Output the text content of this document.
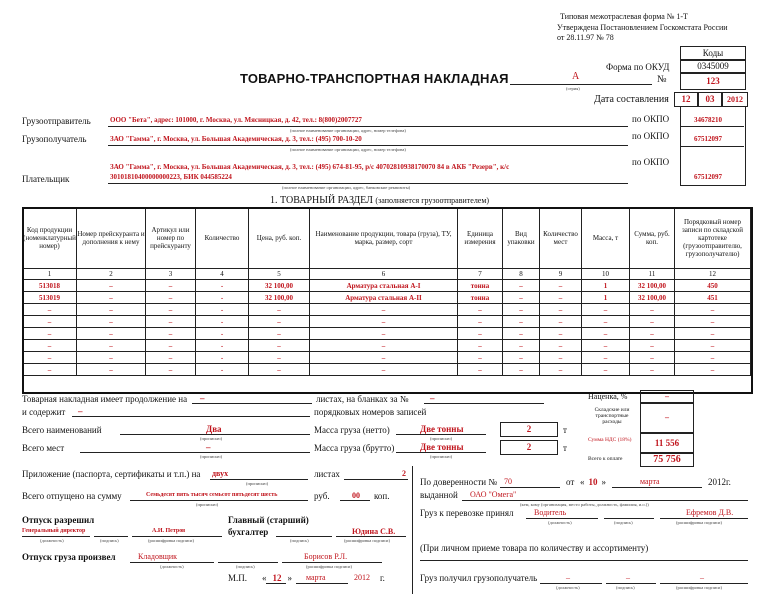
Типовая межотраслевая форма № 1-Т
Утверждена Постановлением Госкомстата России
от 28.11.97 № 78
Коды
Форма по ОКУД	0345009
ТОВАРНО-ТРАНСПОРТНАЯ НАКЛАДНАЯ	А
(серия)
№	123
Дата составления	12	03	2012
Грузоотправитель	ООО "Бета", адрес: 101000, г. Москва, ул. Мясницкая, д. 42, тел.: 8(800)2007727
(полное наименование организации, адрес, номер телефона)
по ОКПО	34678210
Грузополучатель	ЗАО "Гамма", г. Москва, ул. Большая Академическая, д. 3, тел.: (495) 700-10-20
(полное наименование организации, адрес, номер телефона)
по ОКПО	67512097
ЗАО "Гамма", г. Москва, ул. Большая Академическая, д. 3, тел.: (495) 674-81-95, р/с 40702810938170070 84 в АКБ "Резерв", к/с
30101810400000000223, БИК 044585224
Плательщик
(полное наименование организации, адрес, банковские реквизиты)
по ОКПО
67512097
1. ТОВАРНЫЙ РАЗДЕЛ (заполняется грузоотправителем)
Код продукции (номенклатурный номер)	Номер прейскуранта и дополнения к нему	Артикул или номер по прейскуранту	Количество	Цена, руб. коп.	Наименование продукции, товара (груза), ТУ, марка, размер, сорт	Единица измерения	Вид упаковки	Количество мест	Масса, т	Сумма, руб. коп.	Порядковый номер записи по складской картотеке (грузоотправителю, грузополучателю)
1	2	3	4	5	6	7	8	9	10	11	12
513018	–	–	-	32 100,00	Арматура стальная А-I	тонна	–	–	1	32 100,00	450
513019	–	–	-	32 100,00	Арматура стальная А-II	тонна	–	–	1	32 100,00	451
–	–	–	-	–	–	–	–	–	–	–	–
–	–	–	-	–	–	–	–	–	–	–	–
–	–	–	-	–	–	–	–	–	–	–	–
–	–	–	-	–	–	–	–	–	–	–	–
–	–	–	-	–	–	–	–	–	–	–	–
–	–	–	-	–	–	–	–	–	–	–	–
Товарная накладная имеет продолжение на –	листах, на бланках за № –
и содержит –	порядковых номеров записей
Всего наименований	Два
(прописью)
Масса груза (нетто)	Две тонны
(прописью)
2	т
Всего мест	–
(прописью)
Масса груза (брутто)	Две тонны
(прописью)
2	т
Наценка, %	–
Складские или транспортные расходы	–
Сумма НДС (18%)	11 556
Всего к оплате	75 756
Приложение (паспорта, сертификаты и т.п.) на двух
(прописью)
листах	2
Всего отпущено на сумму	Семьдесят пять тысяч семьсот пятьдесят шесть
(прописью)
руб.	00 коп.
Отпуск разрешил
Генеральный директор
(должность)	(подпись)
А.И. Петров
(расшифровка подписи)
Главный (старший)
бухгалтер
(подпись)
Юдина С.В.
(расшифровка подписи)
Отпуск груза произвел	Кладовщик
(должность)	(подпись)
Борисов Р.Л.
(расшифровка подписи)
М.П. « 12 » марта	2012 г.
По доверенности № 70	от « 10 »	марта	2012г.
выданной ОАО "Омега"
(кем, кому (организация, место работы, должность, фамилия, и.о.))
Груз к перевозке принял	Водитель
(должность)	(подпись)
Ефремов Д.В.
(расшифровка подписи)
(При личном приеме товара по количеству и ассортименту)
Груз получил грузополучатель	–
(должность)
–
(подпись)
–
(расшифровка подписи)
